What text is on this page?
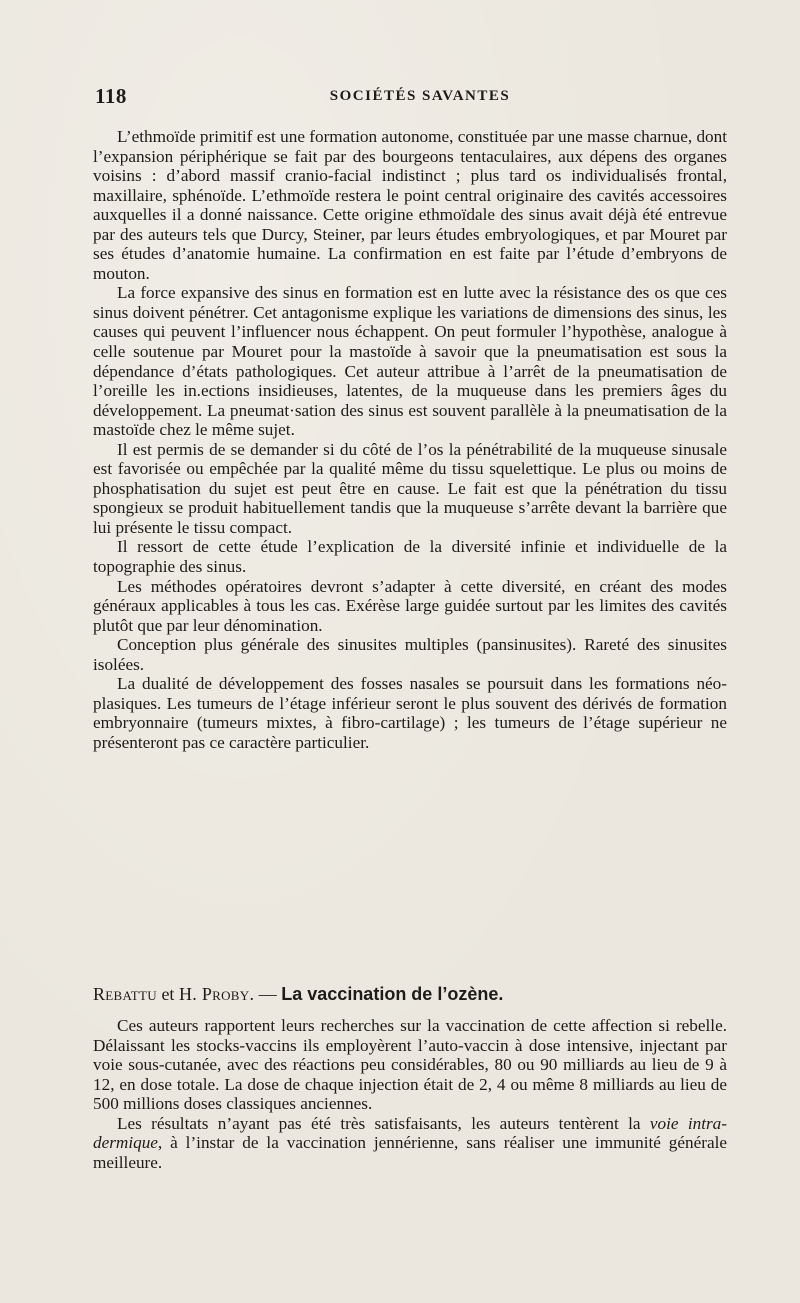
118	SOCIÉTÉS SAVANTES

L’ethmoïde primitif est une formation autonome, constituée par une masse charnue, dont l’expansion périphérique se fait par des bourgeons tentaculaires, aux dépens des organes voisins : d’abord massif cranio-facial indistinct ; plus tard os individualisés frontal, maxillaire, sphénoïde. L’ethmoïde restera le point central originaire des cavités accessoires auxquelles il a donné naissance. Cette origine ethmoïdale des sinus avait déjà été entrevue par des auteurs tels que Durcy, Steiner, par leurs études embryologiques, et par Mouret par ses études d’anatomie humaine. La confirmation en est faite par l’étude d’embryons de mouton.

La force expansive des sinus en formation est en lutte avec la résistance des os que ces sinus doivent pénétrer. Cet antagonisme explique les variations de dimensions des sinus, les causes qui peuvent l’influencer nous échappent. On peut formuler l’hypothèse, analogue à celle soutenue par Mouret pour la mastoïde à savoir que la pneumatisation est sous la dépendance d’états pathologiques. Cet auteur attribue à l’arrêt de la pneumatisation de l’oreille les in.ections insidieuses, latentes, de la muqueuse dans les premiers âges du développement. La pneumat·sation des sinus est souvent parallèle à la pneumatisation de la mastoïde chez le même sujet.

Il est permis de se demander si du côté de l’os la pénétrabilité de la muqueuse sinusale est favorisée ou empêchée par la qualité même du tissu squelettique. Le plus ou moins de phosphatisation du sujet est peut être en cause. Le fait est que la pénétration du tissu spongieux se produit habituellement tandis que la muqueuse s’arrête devant la barrière que lui présente le tissu compact.

Il ressort de cette étude l’explication de la diversité infinie et individuelle de la topographie des sinus.

Les méthodes opératoires devront s’adapter à cette diversité, en créant des modes généraux applicables à tous les cas. Exérèse large guidée surtout par les limites des cavités plutôt que par leur dénomination.

Conception plus générale des sinusites multiples (pansinusites). Rareté des sinusites isolées.

La dualité de développement des fosses nasales se poursuit dans les formations néo-plasiques. Les tumeurs de l’étage inférieur seront le plus souvent des dérivés de formation embryonnaire (tumeurs mixtes, à fibro-cartilage) ; les tumeurs de l’étage supérieur ne présenteront pas ce caractère particulier.

Rebattu et H. Proby. — La vaccination de l’ozène.

Ces auteurs rapportent leurs recherches sur la vaccination de cette affection si rebelle. Délaissant les stocks-vaccins ils employèrent l’auto-vaccin à dose intensive, injectant par voie sous-cutanée, avec des réactions peu considérables, 80 ou 90 milliards au lieu de 9 à 12, en dose totale. La dose de chaque injection était de 2, 4 ou même 8 milliards au lieu de 500 millions doses classiques anciennes.

Les résultats n’ayant pas été très satisfaisants, les auteurs tentèrent la voie intra-dermique, à l’instar de la vaccination jennérienne, sans réaliser une immunité générale meilleure.
